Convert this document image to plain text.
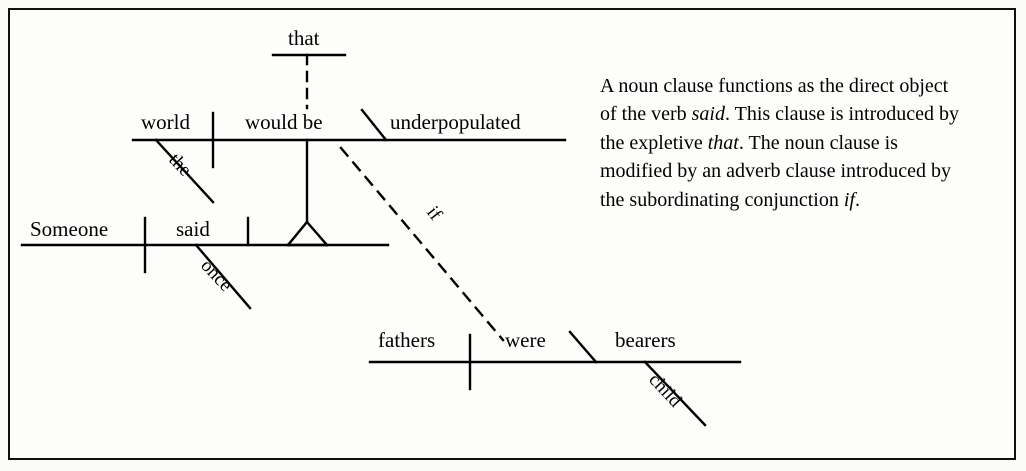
Someone	said
that
world	would be	underpopulated
fathers	were	bearers
the
once
if
child
A noun clause functions as the direct object of the verb said. This clause is introduced by the expletive that. The noun clause is modified by an adverb clause introduced by the subordinating conjunction if.
